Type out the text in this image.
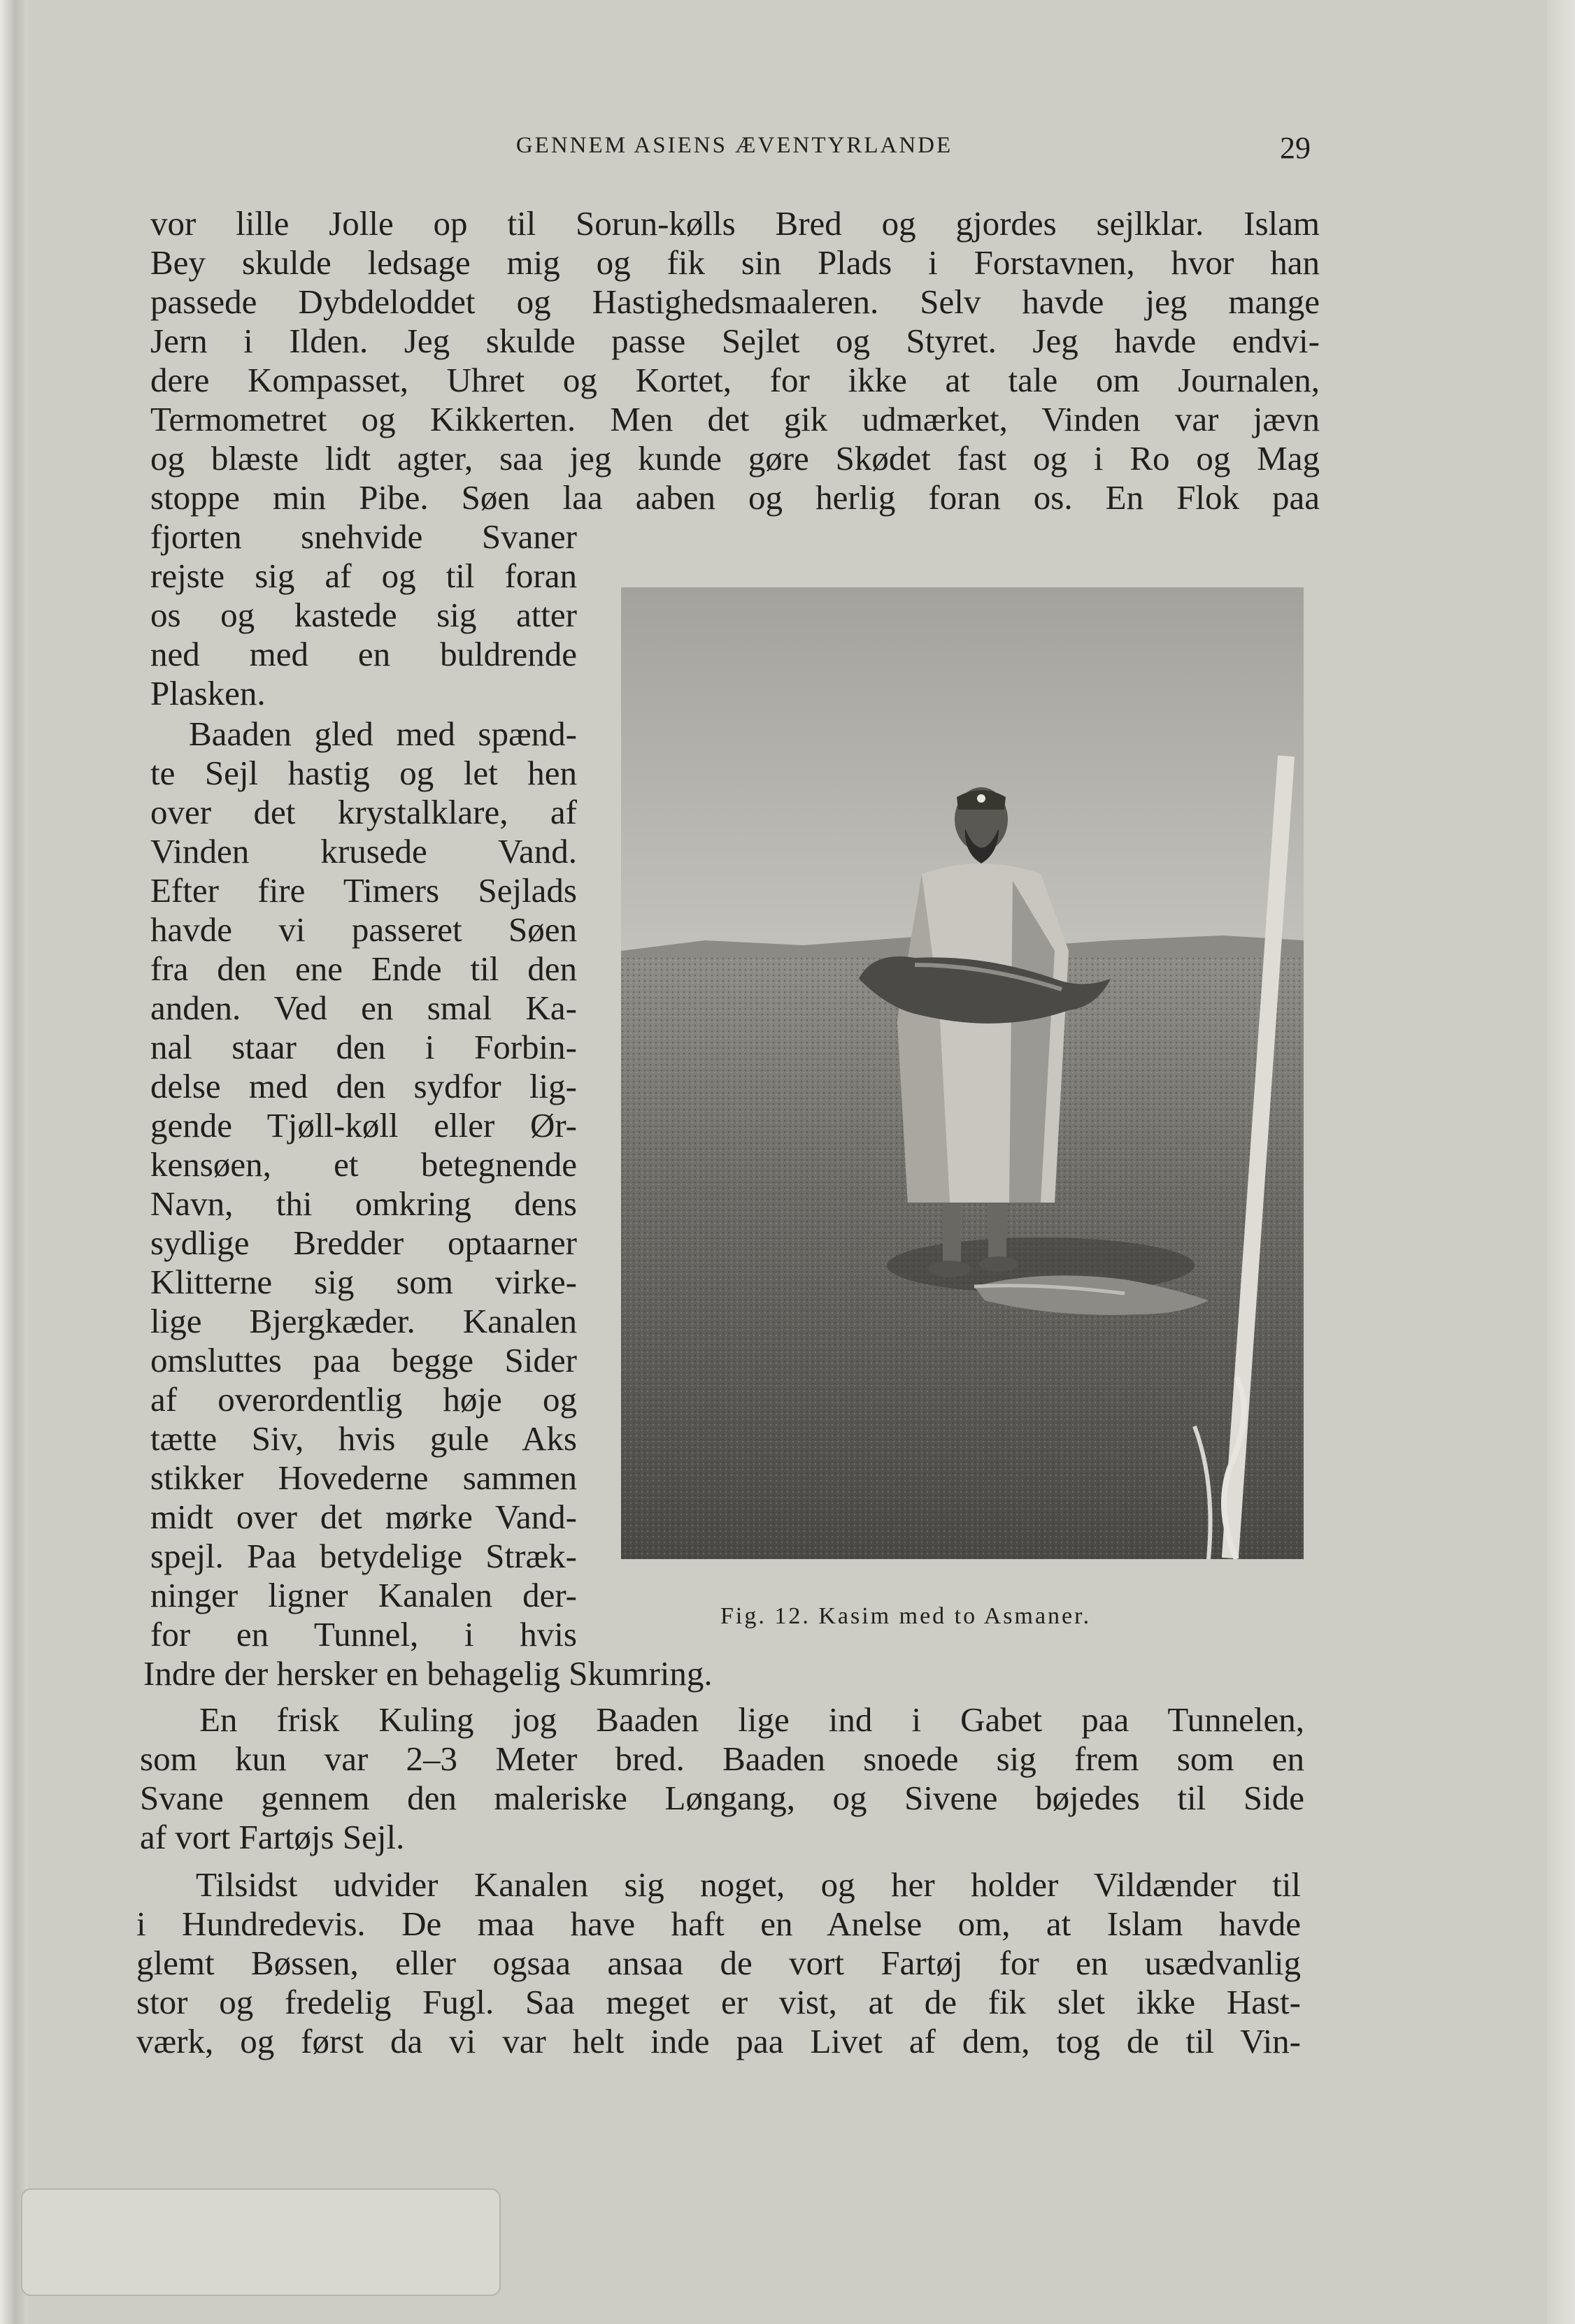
GENNEM ASIENS ÆVENTYRLANDE	29
vor lille Jolle op til Sorun-kølls Bred og gjordes sejlklar. Islam
Bey skulde ledsage mig og fik sin Plads i Forstavnen, hvor han
passede Dybdeloddet og Hastighedsmaaleren. Selv havde jeg mange
Jern i Ilden. Jeg skulde passe Sejlet og Styret. Jeg havde endvi-
dere Kompasset, Uhret og Kortet, for ikke at tale om Journalen,
Termometret og Kikkerten. Men det gik udmærket, Vinden var jævn
og blæste lidt agter, saa jeg kunde gøre Skødet fast og i Ro og Mag
stoppe min Pibe. Søen laa aaben og herlig foran os. En Flok paa
fjorten snehvide Svaner
rejste sig af og til foran
os og kastede sig atter
ned med en buldrende
Plasken.
Baaden gled med spænd-
te Sejl hastig og let hen
over det krystalklare, af
Vinden krusede Vand.
Efter fire Timers Sejlads
havde vi passeret Søen
fra den ene Ende til den
anden. Ved en smal Ka-
nal staar den i Forbin-
delse med den sydfor lig-
gende Tjøll-køll eller Ør-
kensøen, et betegnende
Navn, thi omkring dens
sydlige Bredder optaarner
Klitterne sig som virke-
lige Bjergkæder. Kanalen
omsluttes paa begge Sider
af overordentlig høje og
tætte Siv, hvis gule Aks
stikker Hovederne sammen
midt over det mørke Vand-
spejl. Paa betydelige Stræk-
ninger ligner Kanalen der-
for en Tunnel, i hvis
Indre der hersker en behagelig Skumring.
En frisk Kuling jog Baaden lige ind i Gabet paa Tunnelen,
som kun var 2–3 Meter bred. Baaden snoede sig frem som en
Svane gennem den maleriske Løngang, og Sivene bøjedes til Side
af vort Fartøjs Sejl.
Tilsidst udvider Kanalen sig noget, og her holder Vildænder til
i Hundredevis. De maa have haft en Anelse om, at Islam havde
glemt Bøssen, eller ogsaa ansaa de vort Fartøj for en usædvanlig
stor og fredelig Fugl. Saa meget er vist, at de fik slet ikke Hast-
værk, og først da vi var helt inde paa Livet af dem, tog de til Vin-
Fig. 12. Kasim med to Asmaner.
